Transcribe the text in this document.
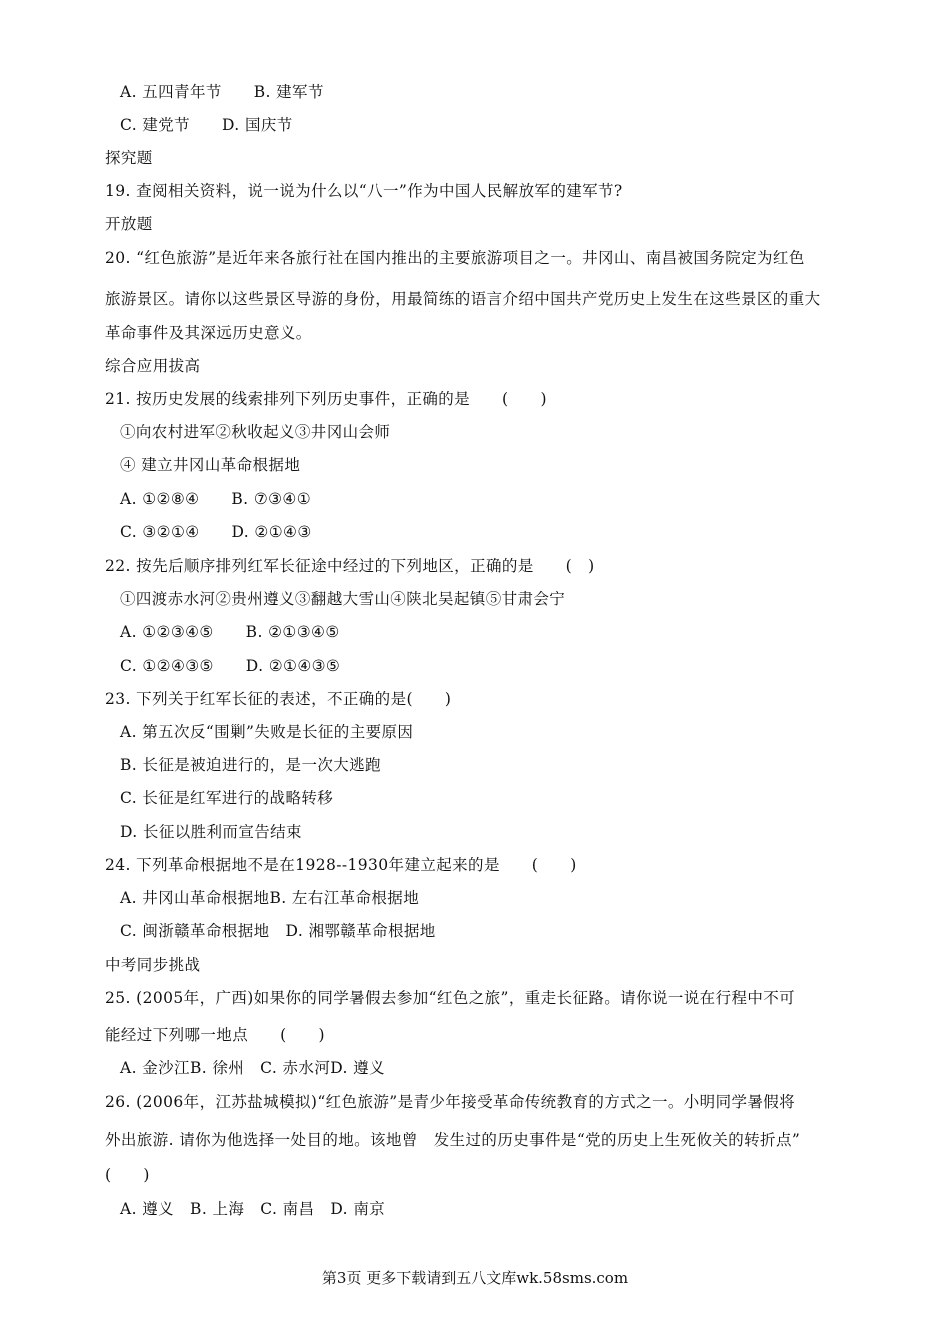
A. 五四青年节      B. 建军节
C. 建党节      D. 国庆节
探究题
19. 查阅相关资料，说一说为什么以“八一”作为中国人民解放军的建军节?
开放题
20. “红色旅游”是近年来各旅行社在国内推出的主要旅游项目之一。井冈山、南昌被国务院定为红色
旅游景区。请你以这些景区导游的身份，用最简练的语言介绍中国共产党历史上发生在这些景区的重大
革命事件及其深远历史意义。
综合应用拔高
21. 按历史发展的线索排列下列历史事件，正确的是      (      )
①向农村进军②秋收起义③井冈山会师
④ 建立井冈山革命根据地
A. ①②⑧④      B. ⑦③④①
C. ③②①④      D. ②①④③
22. 按先后顺序排列红军长征途中经过的下列地区，正确的是      (   )
①四渡赤水河②贵州遵义③翻越大雪山④陕北吴起镇⑤甘肃会宁
A. ①②③④⑤      B. ②①③④⑤
C. ①②④③⑤      D. ②①④③⑤
23. 下列关于红军长征的表述，不正确的是(      )
A. 第五次反“围剿”失败是长征的主要原因
B. 长征是被迫进行的，是一次大逃跑
C. 长征是红军进行的战略转移
D. 长征以胜利而宣告结束
24. 下列革命根据地不是在1928--1930年建立起来的是      (      )
A. 井冈山革命根据地B. 左右江革命根据地
C. 闽浙赣革命根据地   D. 湘鄂赣革命根据地
中考同步挑战
25. (2005年，广西)如果你的同学暑假去参加“红色之旅”，重走长征路。请你说一说在行程中不可
能经过下列哪一地点      (      )
A. 金沙江B. 徐州   C. 赤水河D. 遵义
26. (2006年，江苏盐城模拟)“红色旅游”是青少年接受革命传统教育的方式之一。小明同学暑假将
外出旅游. 请你为他选择一处目的地。该地曾   发生过的历史事件是“党的历史上生死攸关的转折点”
(      )
A. 遵义   B. 上海   C. 南昌   D. 南京
第3页 更多下载请到五八文库wk.58sms.com
